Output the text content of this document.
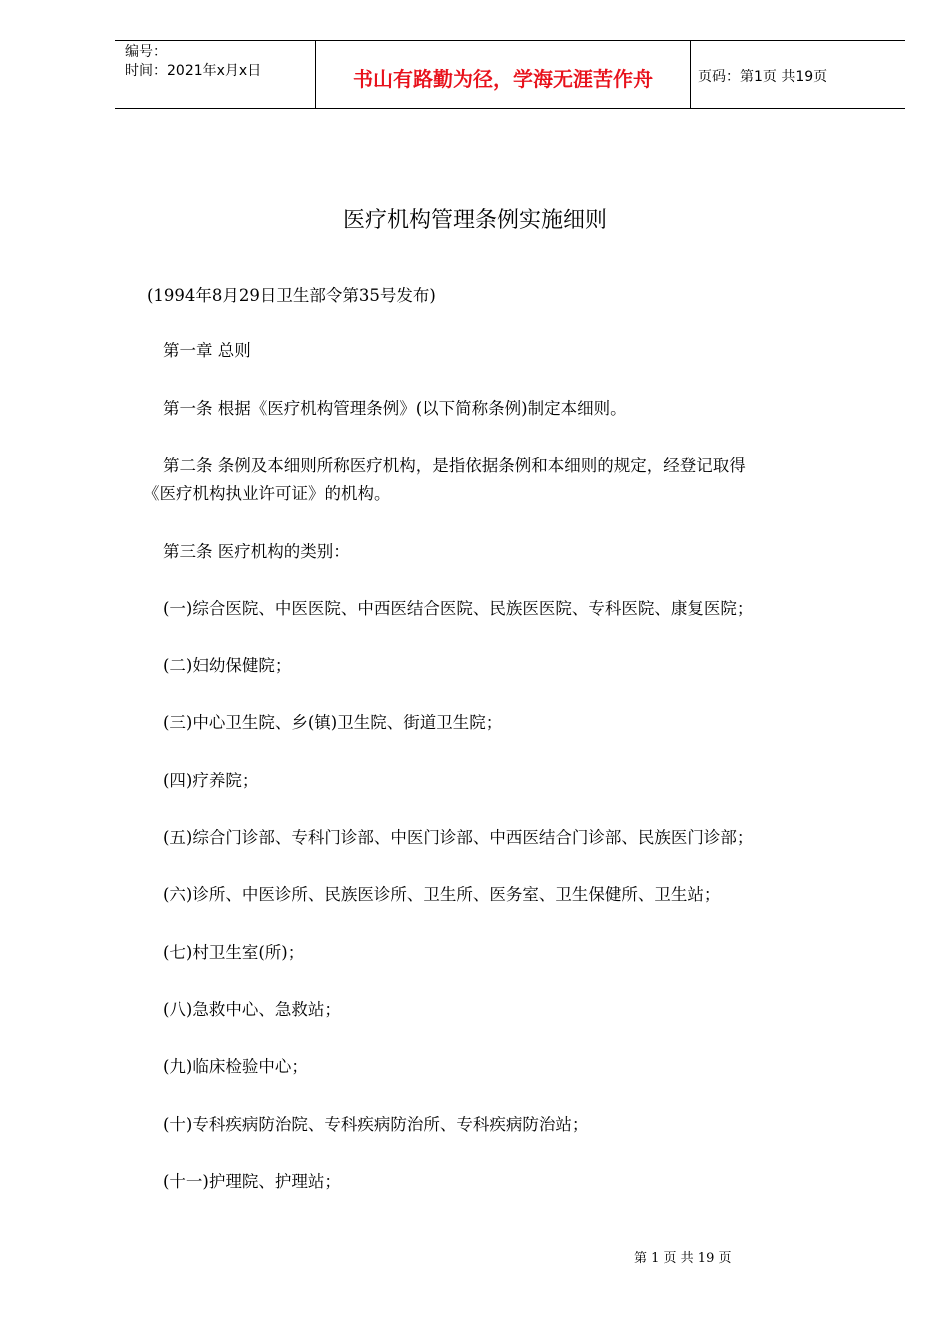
编号：
时间：2021年x月x日	书山有路勤为径，学海无涯苦作舟	页码：第1页 共19页
医疗机构管理条例实施细则
(1994年8月29日卫生部令第35号发布)
第一章 总则
第一条 根据《医疗机构管理条例》(以下简称条例)制定本细则。
第二条 条例及本细则所称医疗机构，是指依据条例和本细则的规定，经登记取得
《医疗机构执业许可证》的机构。
第三条 医疗机构的类别：
(一)综合医院、中医医院、中西医结合医院、民族医医院、专科医院、康复医院；
(二)妇幼保健院；
(三)中心卫生院、乡(镇)卫生院、街道卫生院；
(四)疗养院；
(五)综合门诊部、专科门诊部、中医门诊部、中西医结合门诊部、民族医门诊部；
(六)诊所、中医诊所、民族医诊所、卫生所、医务室、卫生保健所、卫生站；
(七)村卫生室(所)；
(八)急救中心、急救站；
(九)临床检验中心；
(十)专科疾病防治院、专科疾病防治所、专科疾病防治站；
(十一)护理院、护理站；
第 1 页 共 19 页
